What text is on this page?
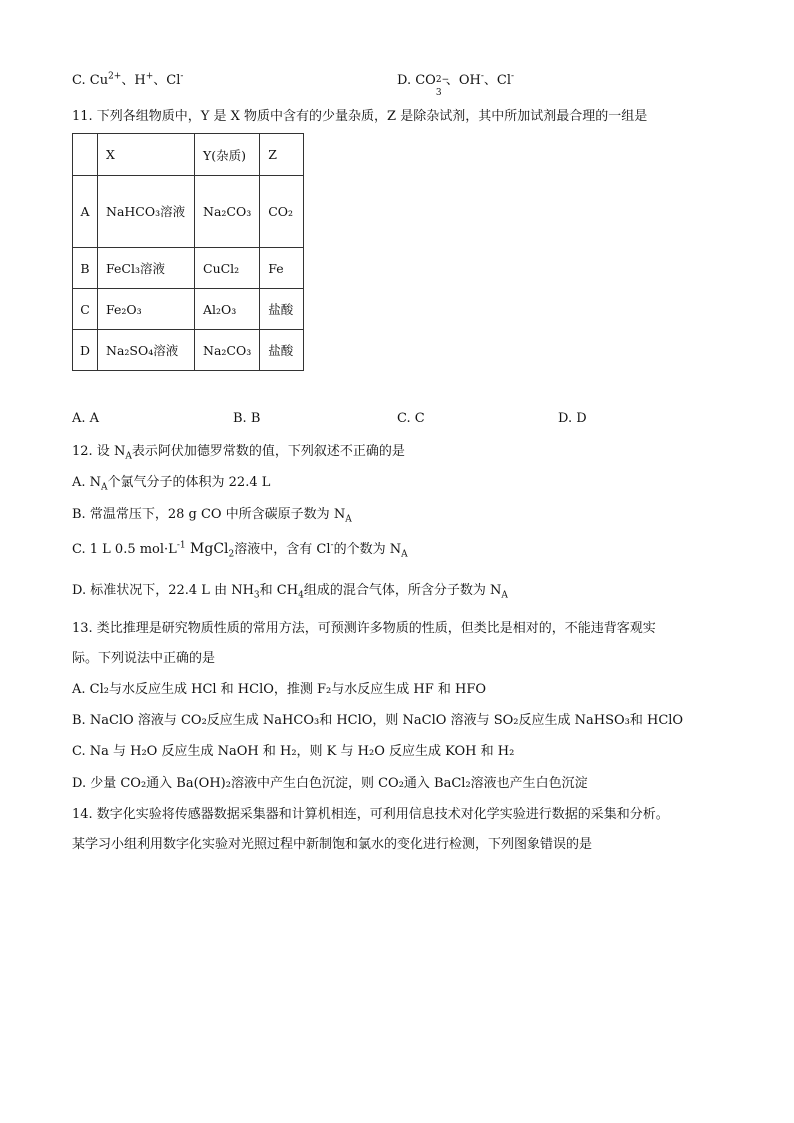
C. $Cu^{2+}$、H+、Cl-	D. CO 2−
3
、OH-、Cl-
11. 下列各组物质中，Y 是 X 物质中含有的少量杂质，Z 是除杂试剂，其中所加试剂最合理的一组是
	X	Y(杂质)	Z
A	NaHCO₃溶液	Na₂CO₃	CO₂
B	FeCl₃溶液	CuCl₂	Fe
C	Fe₂O₃	Al₂O₃	盐酸
D	Na₂SO₄溶液	Na₂CO₃	盐酸
A. A	B. B	C. C	D. D
12. 设 $N_A$表示阿伏加德罗常数的值，下列叙述不正确的是
A. $N_A$个氯气分子的体积为 22.4 L
B. 常温常压下，28 g CO 中所含碳原子数为 $N_A$
C. 1 L 0.5 $mol\cdot L^{-1}$ MgCl$_2$溶液中，含有 Cl-的个数为 $N_A$
D. 标准状况下，22.4 L 由 $NH_3$和 $CH_4$组成的混合气体，所含分子数为 $N_A$
13. 类比推理是研究物质性质的常用方法，可预测许多物质的性质，但类比是相对的，不能违背客观实
际。下列说法中正确的是
A. Cl₂与水反应生成 HCl 和 HClO，推测 F₂与水反应生成 HF 和 HFO
B. NaClO 溶液与 CO₂反应生成 NaHCO₃和 HClO，则 NaClO 溶液与 SO₂反应生成 NaHSO₃和 HClO
C. Na 与 H₂O 反应生成 NaOH 和 H₂，则 K 与 H₂O 反应生成 KOH 和 H₂
D. 少量 CO₂通入 Ba(OH)₂溶液中产生白色沉淀，则 CO₂通入 BaCl₂溶液也产生白色沉淀
14. 数字化实验将传感器数据采集器和计算机相连，可利用信息技术对化学实验进行数据的采集和分析。
某学习小组利用数字化实验对光照过程中新制饱和氯水的变化进行检测，下列图象错误的是
